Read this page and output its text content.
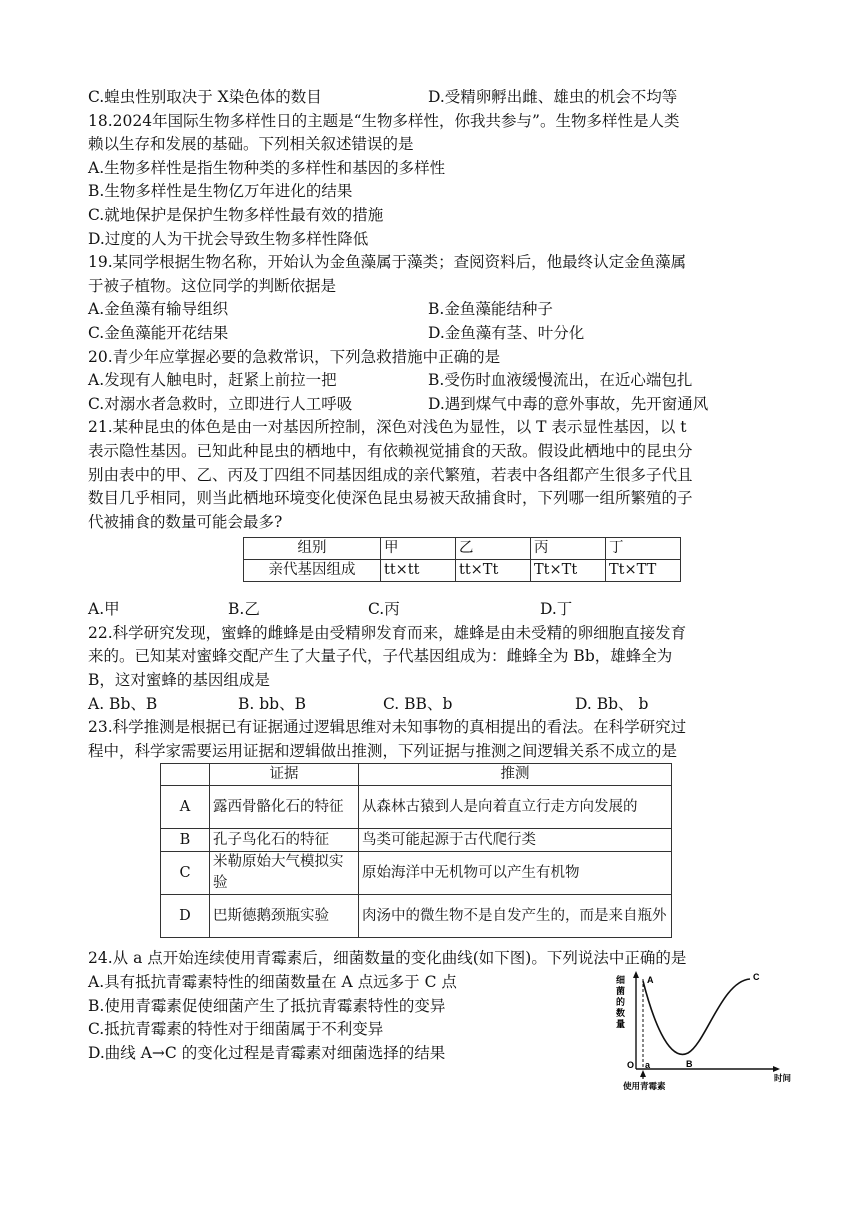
C.蝗虫性别取决于 X染色体的数目	D.受精卵孵出雌、雄虫的机会不均等
18.2024年国际生物多样性日的主题是“生物多样性，你我共参与”。生物多样性是人类
赖以生存和发展的基础。下列相关叙述错误的是
A.生物多样性是指生物种类的多样性和基因的多样性
B.生物多样性是生物亿万年进化的结果
C.就地保护是保护生物多样性最有效的措施
D.过度的人为干扰会导致生物多样性降低
19.某同学根据生物名称，开始认为金鱼藻属于藻类；查阅资料后，他最终认定金鱼藻属
于被子植物。这位同学的判断依据是
A.金鱼藻有输导组织	B.金鱼藻能结种子
C.金鱼藻能开花结果	D.金鱼藻有茎、叶分化
20.青少年应掌握必要的急救常识，下列急救措施中正确的是
A.发现有人触电时，赶紧上前拉一把	B.受伤时血液缓慢流出，在近心端包扎
C.对溺水者急救时，立即进行人工呼吸	D.遇到煤气中毒的意外事故，先开窗通风
21.某种昆虫的体色是由一对基因所控制，深色对浅色为显性，以 T 表示显性基因，以 t
表示隐性基因。已知此种昆虫的栖地中，有依赖视觉捕食的天敌。假设此栖地中的昆虫分
别由表中的甲、乙、丙及丁四组不同基因组成的亲代繁殖，若表中各组都产生很多子代且
数目几乎相同，则当此栖地环境变化使深色昆虫易被天敌捕食时，下列哪一组所繁殖的子
代被捕食的数量可能会最多?
组别	甲	乙	丙	丁
亲代基因组成	tt×tt	tt×Tt	Tt×Tt	Tt×TT
A.甲	B.乙	C.丙	D.丁
22.科学研究发现，蜜蜂的雌蜂是由受精卵发育而来，雄蜂是由未受精的卵细胞直接发育
来的。已知某对蜜蜂交配产生了大量子代，子代基因组成为：雌蜂全为 Bb，雄蜂全为
B，这对蜜蜂的基因组成是
A. Bb、B	B. bb、B	C. BB、b	D. Bb、 b
23.科学推测是根据已有证据通过逻辑思维对未知事物的真相提出的看法。在科学研究过
程中，科学家需要运用证据和逻辑做出推测，下列证据与推测之间逻辑关系不成立的是
	证据	推测
A	露西骨骼化石的特征	从森林古猿到人是向着直立行走方向发展的
B	孔子鸟化石的特征	鸟类可能起源于古代爬行类
C	米勒原始大气模拟实验	原始海洋中无机物可以产生有机物
D	巴斯德鹅颈瓶实验	肉汤中的微生物不是自发产生的，而是来自瓶外
24.从 a 点开始连续使用青霉素后，细菌数量的变化曲线(如下图)。下列说法中正确的是
A.具有抵抗青霉素特性的细菌数量在 A 点远多于 C 点
B.使用青霉素促使细菌产生了抵抗青霉素特性的变异
C.抵抗青霉素的特性对于细菌属于不利变异
D.曲线 A→C 的变化过程是青霉素对细菌选择的结果
细
菌
的
数
量
A
B
C
O a
使用青霉素
时间
